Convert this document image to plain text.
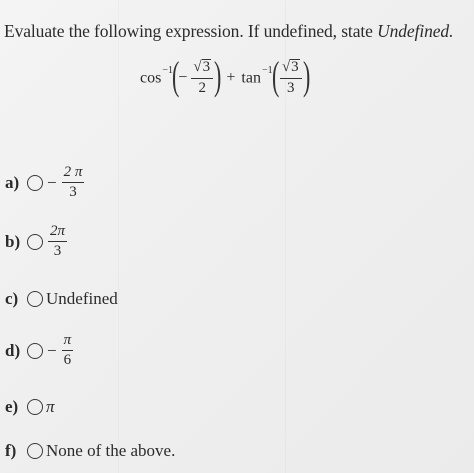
Evaluate the following expression. If undefined, state Undefined.
$\cos^{-1}$
(
− $\frac{√ 3}{2}$ ) + $\tan^{-1}$
( $\frac{√ 3}{3}$ )
a)	− $\frac{2 \pi}{3}$
b)	$\frac{2\pi}{3}$
c)	Undefined
d)	− $\frac{\pi}{6}$
e)	π
f)	None of the above.
